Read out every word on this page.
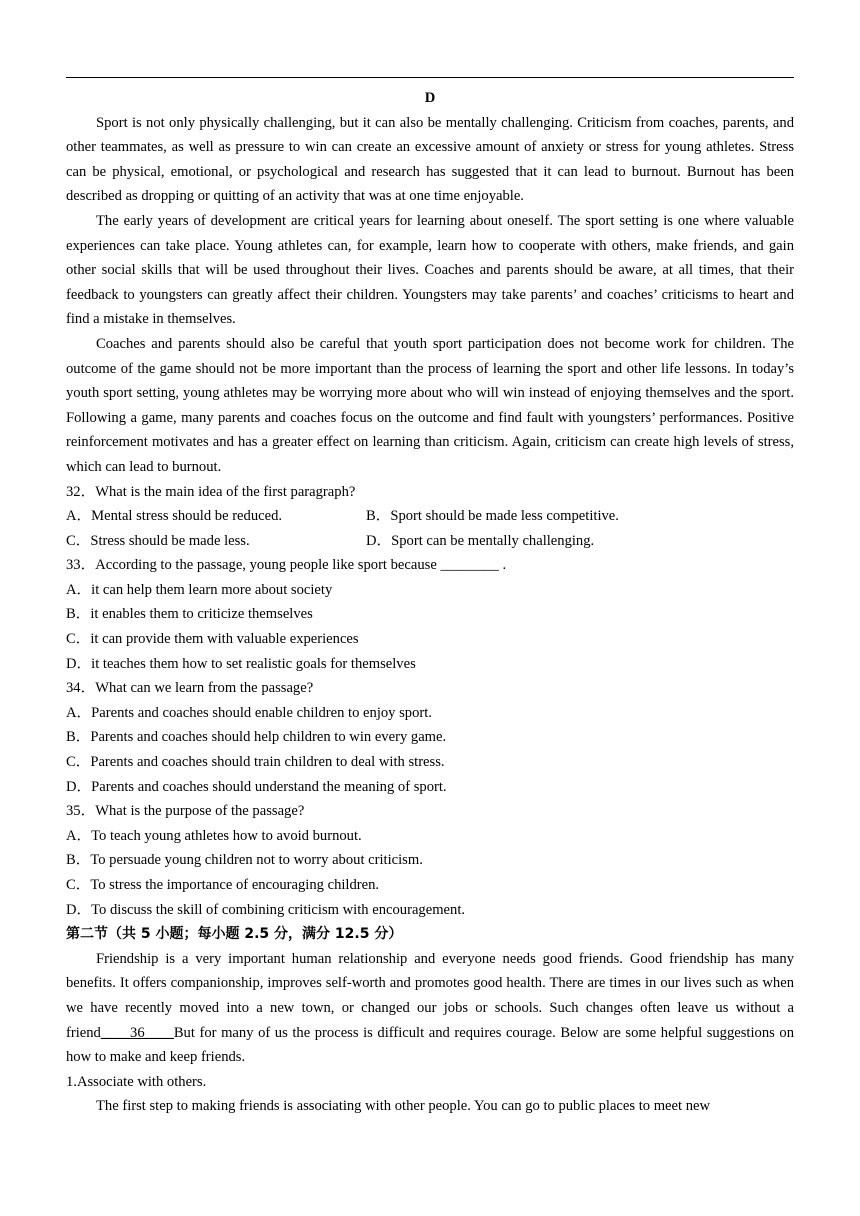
D

Sport is not only physically challenging, but it can also be mentally challenging. Criticism from coaches, parents, and other teammates, as well as pressure to win can create an excessive amount of anxiety or stress for young athletes. Stress can be physical, emotional, or psychological and research has suggested that it can lead to burnout. Burnout has been described as dropping or quitting of an activity that was at one time enjoyable.

The early years of development are critical years for learning about oneself. The sport setting is one where valuable experiences can take place. Young athletes can, for example, learn how to cooperate with others, make friends, and gain other social skills that will be used throughout their lives. Coaches and parents should be aware, at all times, that their feedback to youngsters can greatly affect their children. Youngsters may take parents’ and coaches’ criticisms to heart and find a mistake in themselves.

Coaches and parents should also be careful that youth sport participation does not become work for children. The outcome of the game should not be more important than the process of learning the sport and other life lessons. In today’s youth sport setting, young athletes may be worrying more about who will win instead of enjoying themselves and the sport. Following a game, many parents and coaches focus on the outcome and find fault with youngsters’ performances. Positive reinforcement motivates and has a greater effect on learning than criticism. Again, criticism can create high levels of stress, which can lead to burnout.

32．What is the main idea of the first paragraph?

A．Mental stress should be reduced.	B．Sport should be made less competitive.
C．Stress should be made less.	D．Sport can be mentally challenging.

33．According to the passage, young people like sport because ________ .

A．it can help them learn more about society

B．it enables them to criticize themselves

C．it can provide them with valuable experiences

D．it teaches them how to set realistic goals for themselves

34．What can we learn from the passage?

A．Parents and coaches should enable children to enjoy sport.

B．Parents and coaches should help children to win every game.

C．Parents and coaches should train children to deal with stress.

D．Parents and coaches should understand the meaning of sport.

35．What is the purpose of the passage?

A．To teach young athletes how to avoid burnout.

B．To persuade young children not to worry about criticism.

C．To stress the importance of encouraging children.

D．To discuss the skill of combining criticism with encouragement.

第二节（共 5 小题；每小题 2.5 分，满分 12.5 分）

Friendship is a very important human relationship and everyone needs good friends. Good friendship has many benefits. It offers companionship, improves self-worth and promotes good health. There are times in our lives such as when we have recently moved into a new town, or changed our jobs or schools. Such changes often leave us without a friend____36____But for many of us the process is difficult and requires courage. Below are some helpful suggestions on how to make and keep friends.

1.Associate with others.

The first step to making friends is associating with other people. You can go to public places to meet new
